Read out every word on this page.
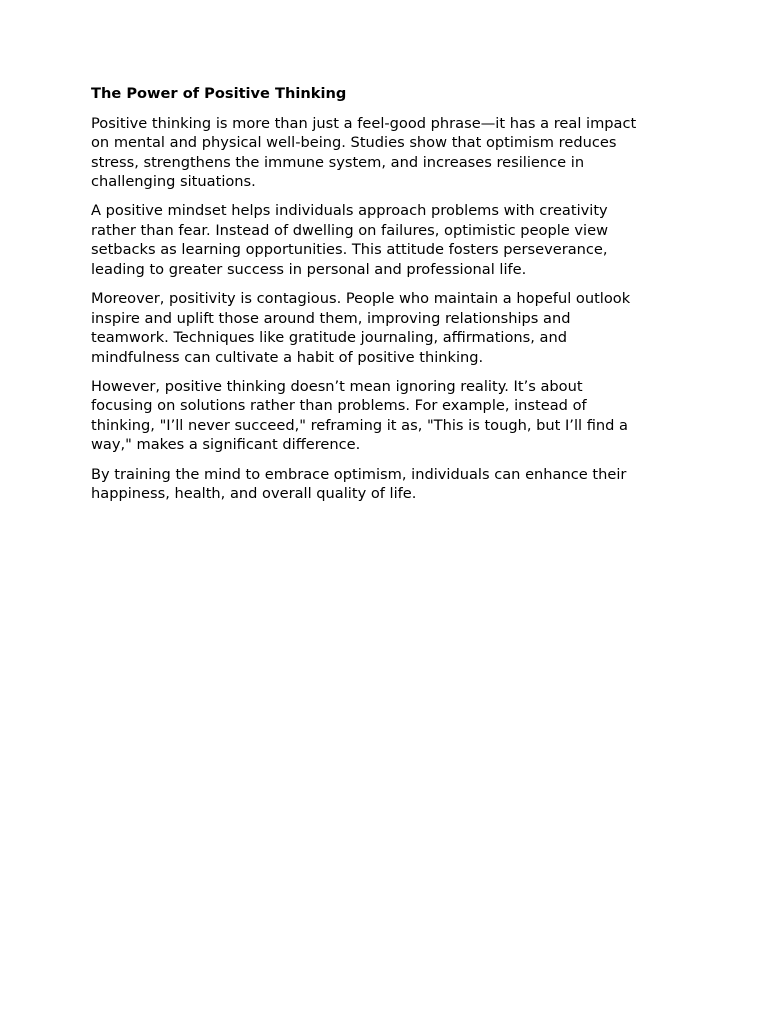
The Power of Positive Thinking

Positive thinking is more than just a feel-good phrase—it has a real impact
on mental and physical well-being. Studies show that optimism reduces
stress, strengthens the immune system, and increases resilience in
challenging situations.

A positive mindset helps individuals approach problems with creativity
rather than fear. Instead of dwelling on failures, optimistic people view
setbacks as learning opportunities. This attitude fosters perseverance,
leading to greater success in personal and professional life.

Moreover, positivity is contagious. People who maintain a hopeful outlook
inspire and uplift those around them, improving relationships and
teamwork. Techniques like gratitude journaling, affirmations, and
mindfulness can cultivate a habit of positive thinking.

However, positive thinking doesn’t mean ignoring reality. It’s about
focusing on solutions rather than problems. For example, instead of
thinking, "I’ll never succeed," reframing it as, "This is tough, but I’ll find a
way," makes a significant difference.

By training the mind to embrace optimism, individuals can enhance their
happiness, health, and overall quality of life.
